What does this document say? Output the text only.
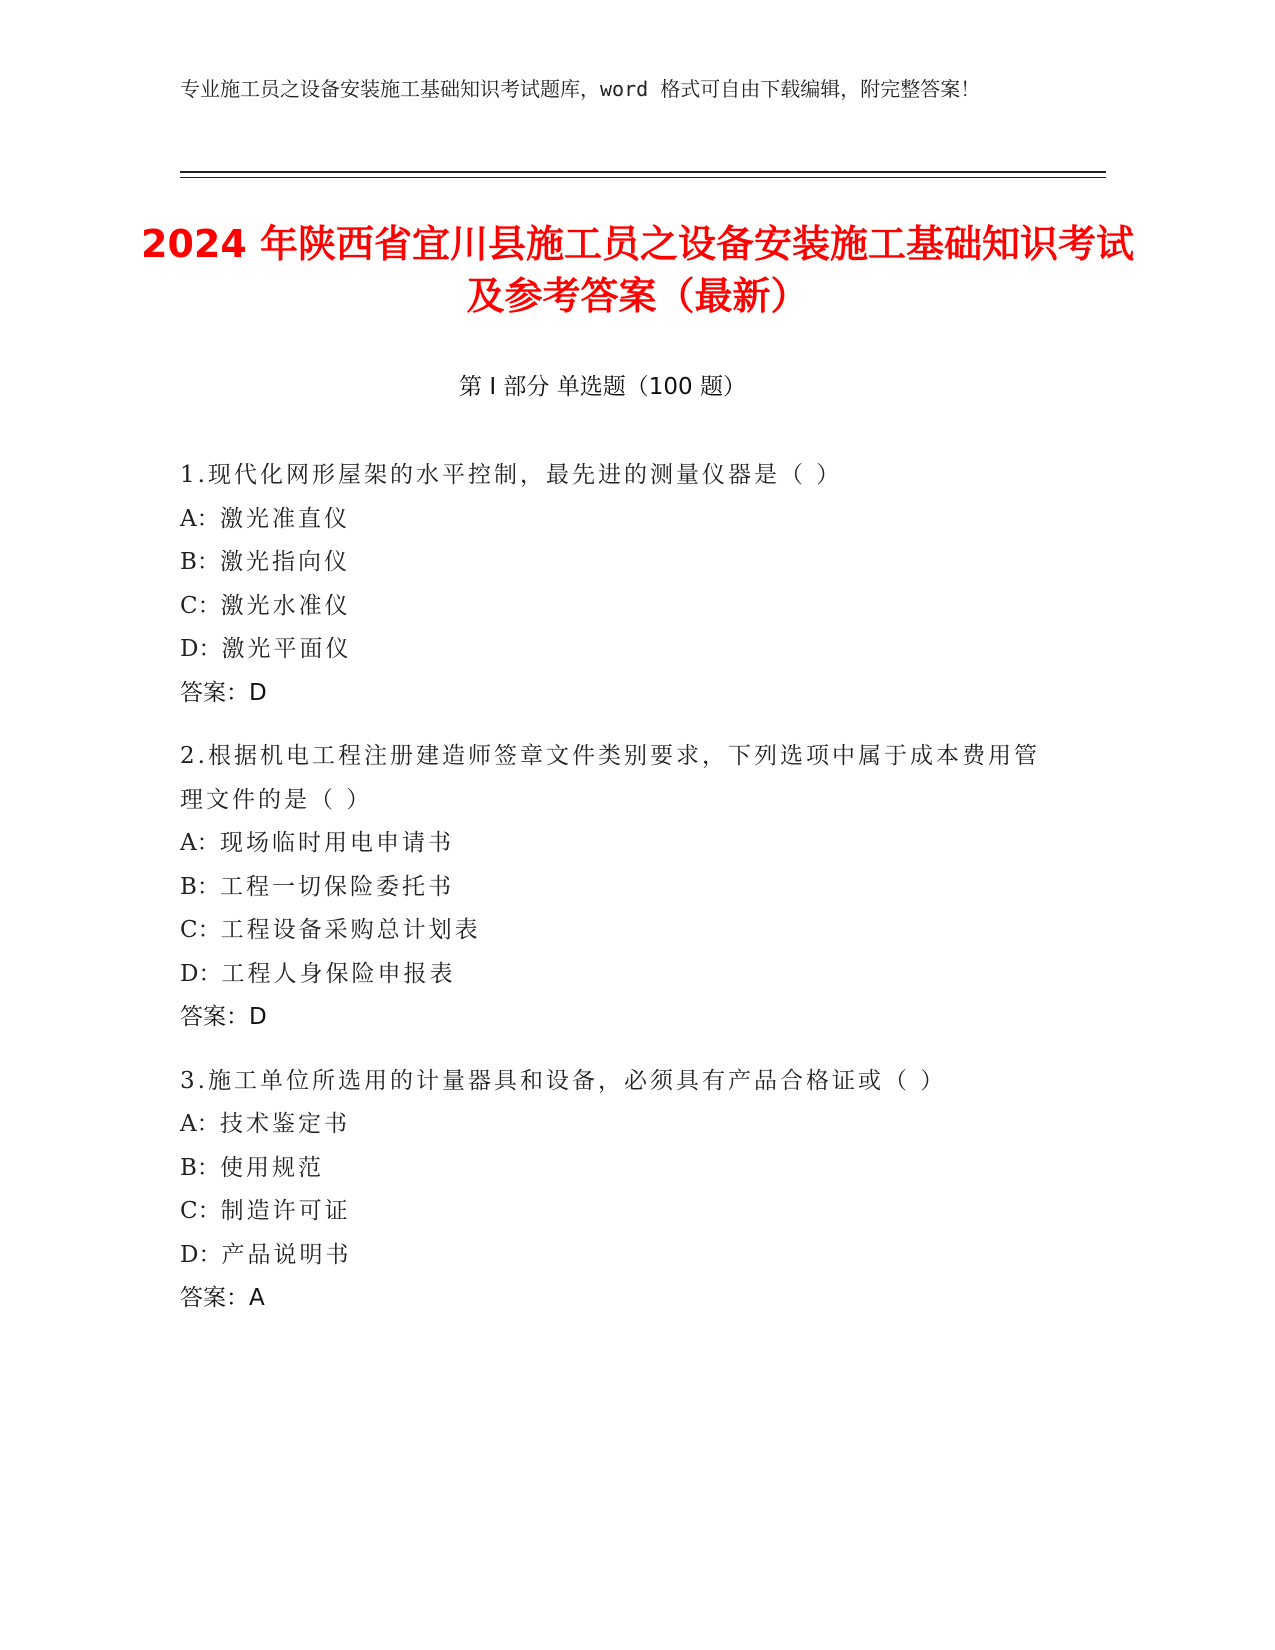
专业施工员之设备安装施工基础知识考试题库，word 格式可自由下载编辑，附完整答案！
2024 年陕西省宜川县施工员之设备安装施工基础知识考试及参考答案（最新）
第 I 部分 单选题（100 题）

1.现代化网形屋架的水平控制，最先进的测量仪器是（ ）

A：激光准直仪

B：激光指向仪

C：激光水准仪

D：激光平面仪

答案：D

2.根据机电工程注册建造师签章文件类别要求，下列选项中属于成本费用管理文件的是（ ）

A：现场临时用电申请书

B：工程一切保险委托书

C：工程设备采购总计划表

D：工程人身保险申报表

答案：D

3.施工单位所选用的计量器具和设备，必须具有产品合格证或（ ）

A：技术鉴定书

B：使用规范

C：制造许可证

D：产品说明书

答案：A
